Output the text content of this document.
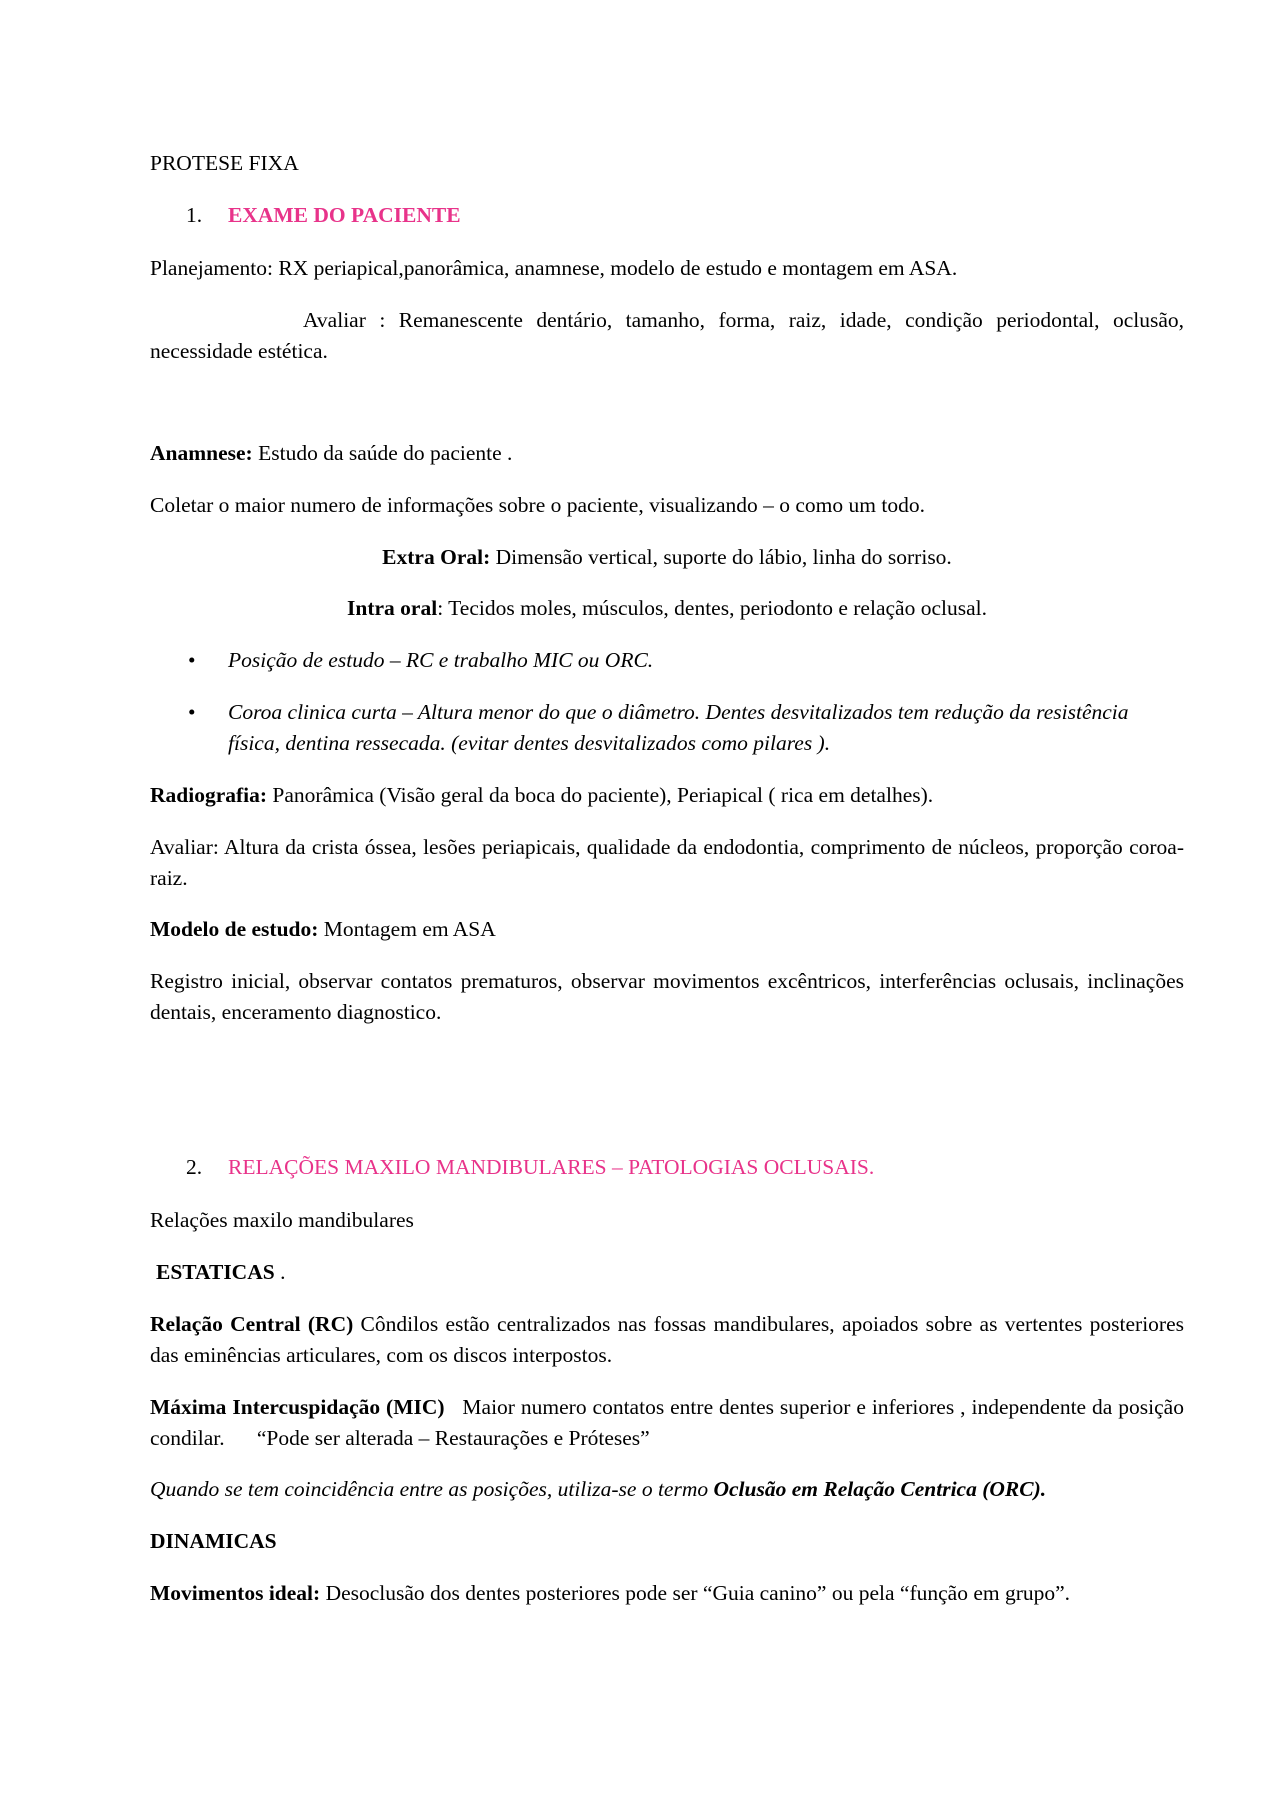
PROTESE FIXA

1. EXAME DO PACIENTE

Planejamento: RX periapical,panorâmica, anamnese, modelo de estudo e montagem em ASA.

Avaliar : Remanescente dentário, tamanho, forma, raiz, idade, condição periodontal, oclusão, necessidade estética.

Anamnese: Estudo da saúde do paciente .

Coletar o maior numero de informações sobre o paciente, visualizando – o como um todo.

Extra Oral: Dimensão vertical, suporte do lábio, linha do sorriso.

Intra oral: Tecidos moles, músculos, dentes, periodonto e relação oclusal.

• Posição de estudo – RC e trabalho MIC ou ORC.
• Coroa clinica curta – Altura menor do que o diâmetro. Dentes desvitalizados tem redução da resistência física, dentina ressecada. (evitar dentes desvitalizados como pilares ).

Radiografia: Panorâmica (Visão geral da boca do paciente), Periapical ( rica em detalhes).

Avaliar: Altura da crista óssea, lesões periapicais, qualidade da endodontia, comprimento de núcleos, proporção coroa- raiz.

Modelo de estudo: Montagem em ASA

Registro inicial, observar contatos prematuros, observar movimentos excêntricos, interferências oclusais, inclinações dentais, enceramento diagnostico.

2. RELAÇÕES MAXILO MANDIBULARES – PATOLOGIAS OCLUSAIS.

Relações maxilo mandibulares

ESTATICAS .

Relação Central (RC) Côndilos estão centralizados nas fossas mandibulares, apoiados sobre as vertentes posteriores das eminências articulares, com os discos interpostos.

Máxima Intercuspidação (MIC)   Maior numero contatos entre dentes superior e inferiores , independente da posição condilar.      “Pode ser alterada – Restaurações e Próteses”

Quando se tem coincidência entre as posições, utiliza-se o termo Oclusão em Relação Centrica (ORC).

DINAMICAS

Movimentos ideal: Desoclusão dos dentes posteriores pode ser “Guia canino” ou pela “função em grupo”.
